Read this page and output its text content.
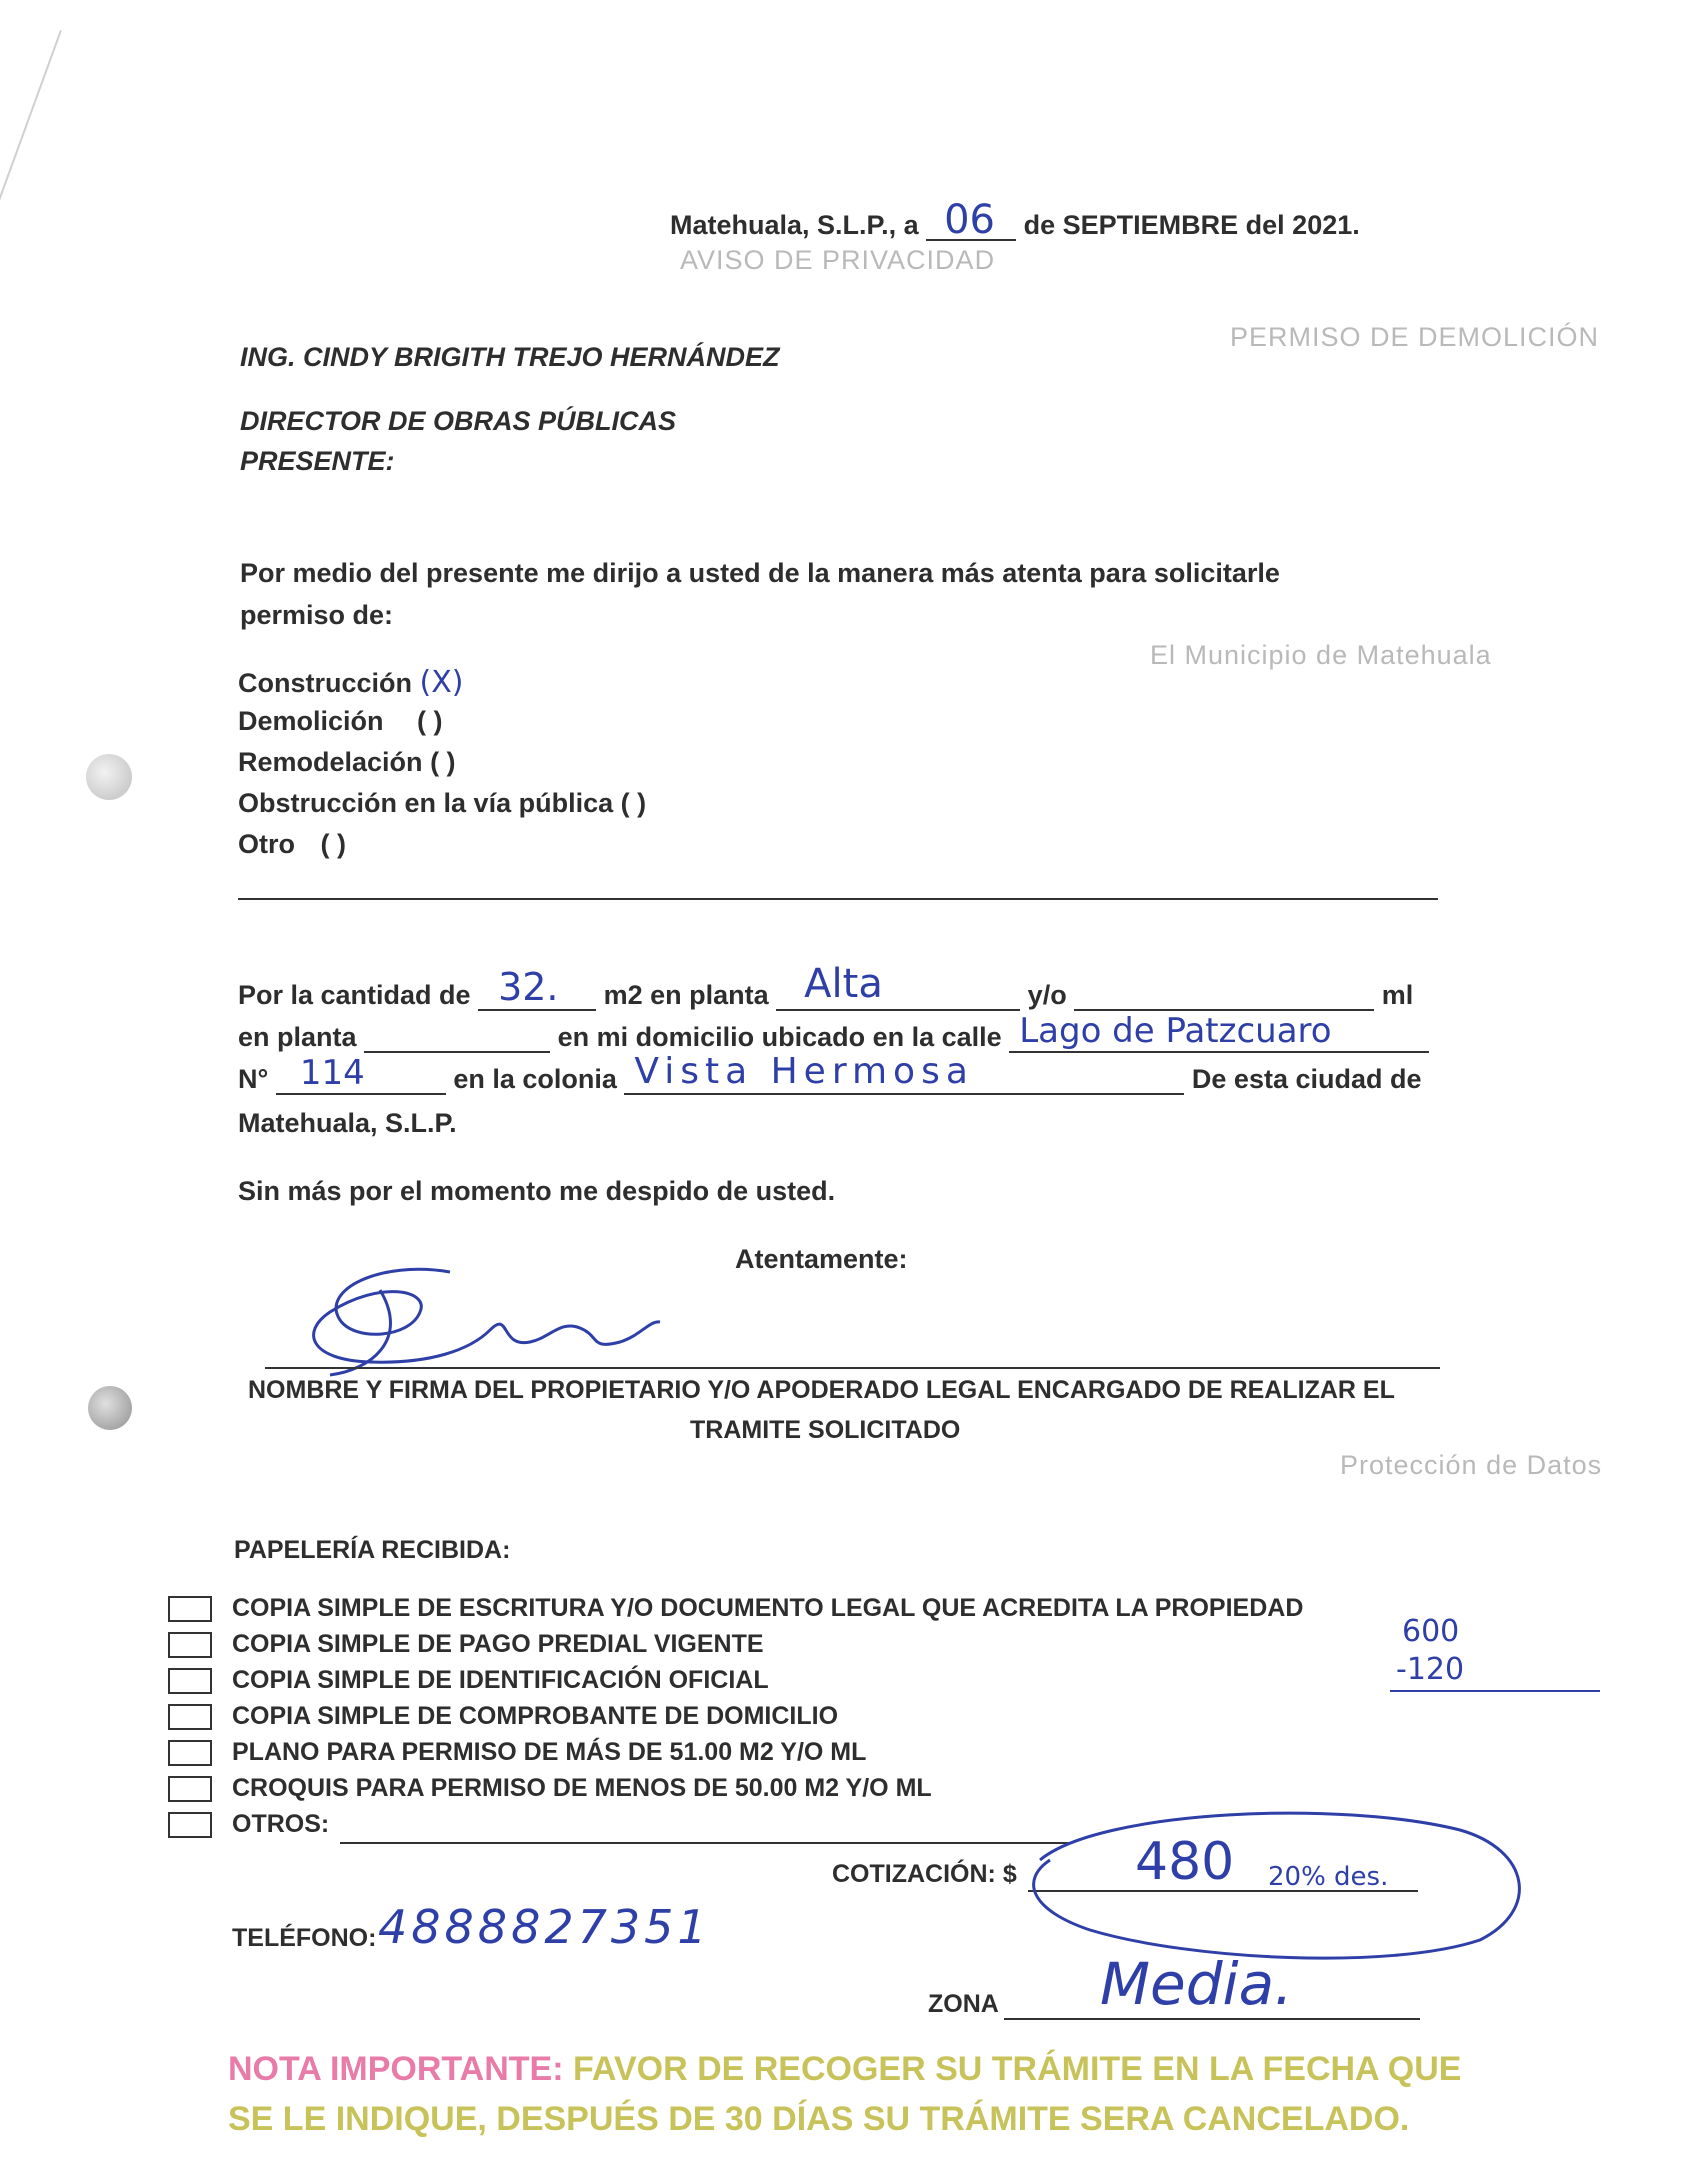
AVISO DE PRIVACIDAD
PERMISO DE DEMOLICIÓN
El Municipio de Matehuala
Protección de Datos
Matehuala, S.L.P., a 06 de SEPTIEMBRE del 2021.
ING. CINDY BRIGITH TREJO HERNÁNDEZ
DIRECTOR DE OBRAS PÚBLICAS
PRESENTE:
Por medio del presente me dirijo a usted de la manera más atenta para solicitarle
permiso de:
Construcción (X)
Demolición ( )
Remodelación ( )
Obstrucción en la vía pública ( )
Otro ( )
Por la cantidad de 32. m2 en planta Alta	y/o	ml
en planta	en mi domicilio ubicado en la calle Lago de Patzcuaro
N° 114	en la colonia Vista Hermosa	De esta ciudad de
Matehuala, S.L.P.
Sin más por el momento me despido de usted.
Atentamente:
NOMBRE Y FIRMA DEL PROPIETARIO Y/O APODERADO LEGAL ENCARGADO DE REALIZAR EL
TRAMITE SOLICITADO
PAPELERÍA RECIBIDA:
COPIA SIMPLE DE ESCRITURA Y/O DOCUMENTO LEGAL QUE ACREDITA LA PROPIEDAD
COPIA SIMPLE DE PAGO PREDIAL VIGENTE
COPIA SIMPLE DE IDENTIFICACIÓN OFICIAL
COPIA SIMPLE DE COMPROBANTE DE DOMICILIO
PLANO PARA PERMISO DE MÁS DE 51.00 M2 Y/O ML
CROQUIS PARA PERMISO DE MENOS DE 50.00 M2 Y/O ML
OTROS:
600
-120
COTIZACIÓN: $ 480 20% des.
TELÉFONO: 4888827351
ZONA Media.
NOTA IMPORTANTE: FAVOR DE RECOGER SU TRÁMITE EN LA FECHA QUE
SE LE INDIQUE, DESPUÉS DE 30 DÍAS SU TRÁMITE SERA CANCELADO.
